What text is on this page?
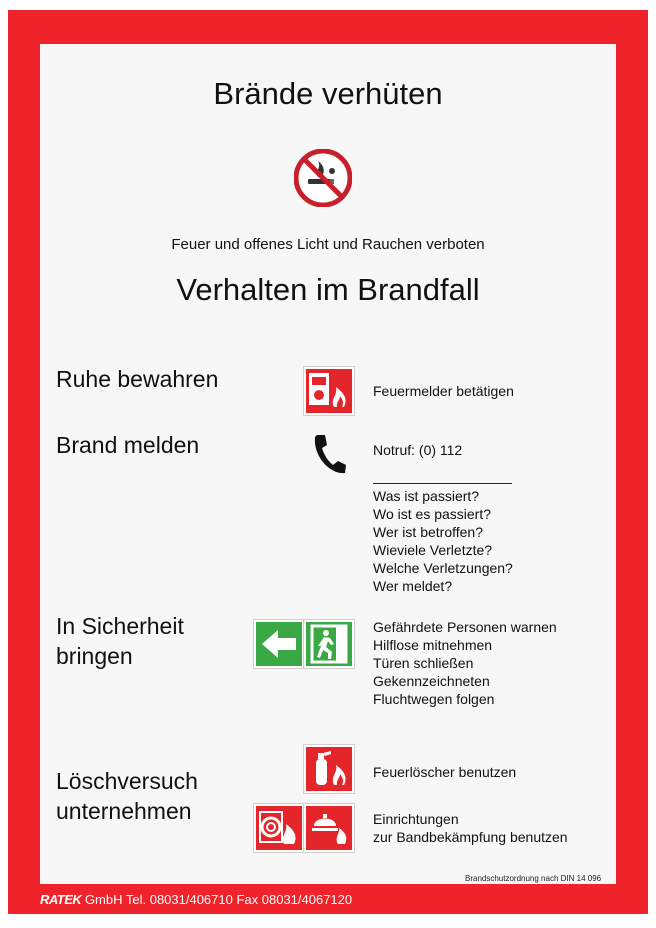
Brände verhüten
Feuer und offenes Licht und Rauchen verboten
Verhalten im Brandfall
Ruhe bewahren	Feuermelder betätigen
Brand melden	Notruf: (0) 112
Was ist passiert?
Wo ist es passiert?
Wer ist betroffen?
Wieviele Verletzte?
Welche Verletzungen?
Wer meldet?
In Sicherheit
bringen
Gefährdete Personen warnen
Hilflose mitnehmen
Türen schließen
Gekennzeichneten
Fluchtwegen folgen
Löschversuch
unternehmen
Feuerlöscher benutzen
Einrichtungen
zur Bandbekämpfung benutzen
Brandschutzordnung nach DIN 14 096
RATEK GmbH Tel. 08031/406710 Fax 08031/4067120
